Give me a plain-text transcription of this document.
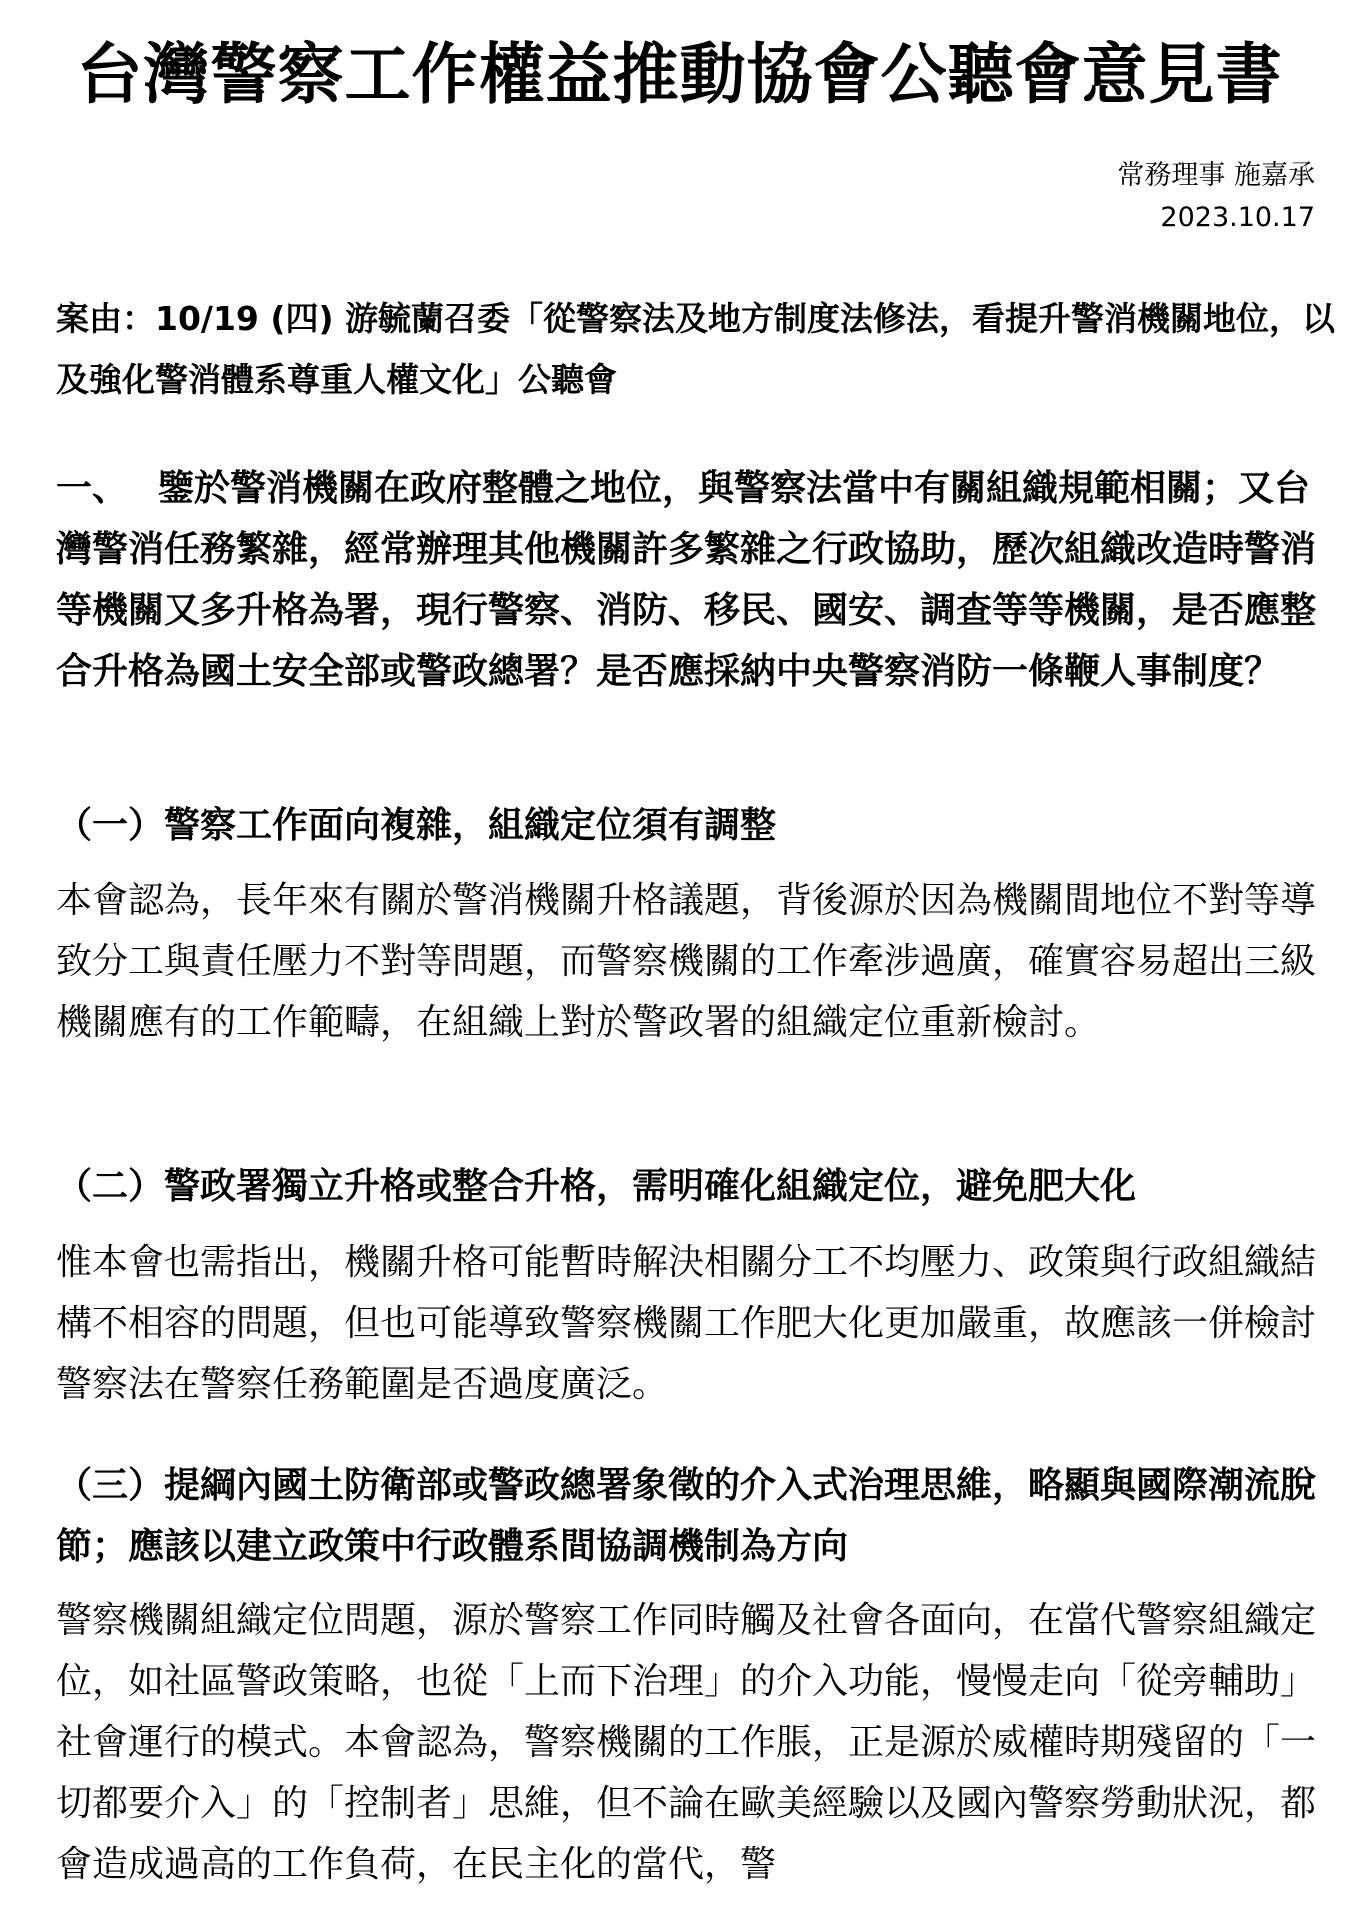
台灣警察工作權益推動協會公聽會意見書
常務理事 施嘉承
2023.10.17

案由：10/19 (四) 游毓蘭召委「從警察法及地方制度法修法，看提升警消機關地位，以及強化警消體系尊重人權文化」公聽會

一、 鑒於警消機關在政府整體之地位，與警察法當中有關組織規範相關；又台灣警消任務繁雜，經常辦理其他機關許多繁雜之行政協助，歷次組織改造時警消等機關又多升格為署，現行警察、消防、移民、國安、調查等等機關，是否應整合升格為國土安全部或警政總署？是否應採納中央警察消防一條鞭人事制度？

（一）警察工作面向複雜，組織定位須有調整

本會認為，長年來有關於警消機關升格議題，背後源於因為機關間地位不對等導致分工與責任壓力不對等問題，而警察機關的工作牽涉過廣，確實容易超出三級機關應有的工作範疇，在組織上對於警政署的組織定位重新檢討。

（二）警政署獨立升格或整合升格，需明確化組織定位，避免肥大化

惟本會也需指出，機關升格可能暫時解決相關分工不均壓力、政策與行政組織結構不相容的問題，但也可能導致警察機關工作肥大化更加嚴重，故應該一併檢討警察法在警察任務範圍是否過度廣泛。

（三）提綱內國土防衛部或警政總署象徵的介入式治理思維，略顯與國際潮流脫節；應該以建立政策中行政體系間協調機制為方向

警察機關組織定位問題，源於警察工作同時觸及社會各面向，在當代警察組織定位，如社區警政策略，也從「上而下治理」的介入功能，慢慢走向「從旁輔助」社會運行的模式。本會認為，警察機關的工作脹，正是源於威權時期殘留的「一切都要介入」的「控制者」思維，但不論在歐美經驗以及國內警察勞動狀況，都會造成過高的工作負荷，在民主化的當代，警
